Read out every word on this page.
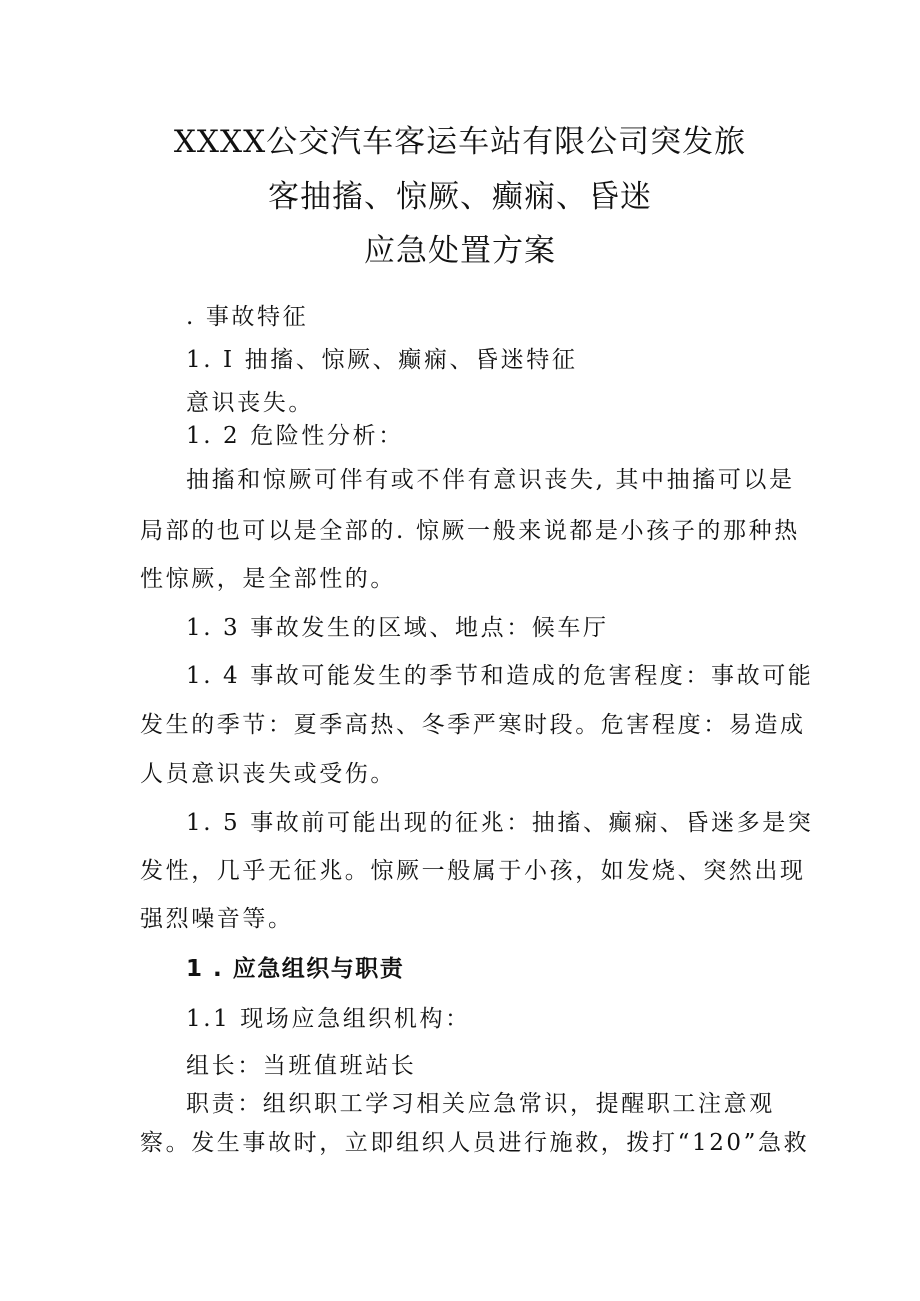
XXXX公交汽车客运车站有限公司突发旅
客抽搐、惊厥、癫痫、昏迷
应急处置方案
. 事故特征
1. I 抽搐、惊厥、癫痫、昏迷特征
意识丧失。
1. 2 危险性分析：
抽搐和惊厥可伴有或不伴有意识丧失, 其中抽搐可以是
局部的也可以是全部的. 惊厥一般来说都是小孩子的那种热
性惊厥，是全部性的。
1. 3 事故发生的区域、地点：候车厅
1. 4 事故可能发生的季节和造成的危害程度：事故可能
发生的季节：夏季高热、冬季严寒时段。危害程度：易造成
人员意识丧失或受伤。
1. 5 事故前可能出现的征兆：抽搐、癫痫、昏迷多是突
发性，几乎无征兆。惊厥一般属于小孩，如发烧、突然出现
强烈噪音等。
1 . 应急组织与职责
1.1 现场应急组织机构：
组长：当班值班站长
职责：组织职工学习相关应急常识，提醒职工注意观
察。发生事故时，立即组织人员进行施救，拨打“120”急救
